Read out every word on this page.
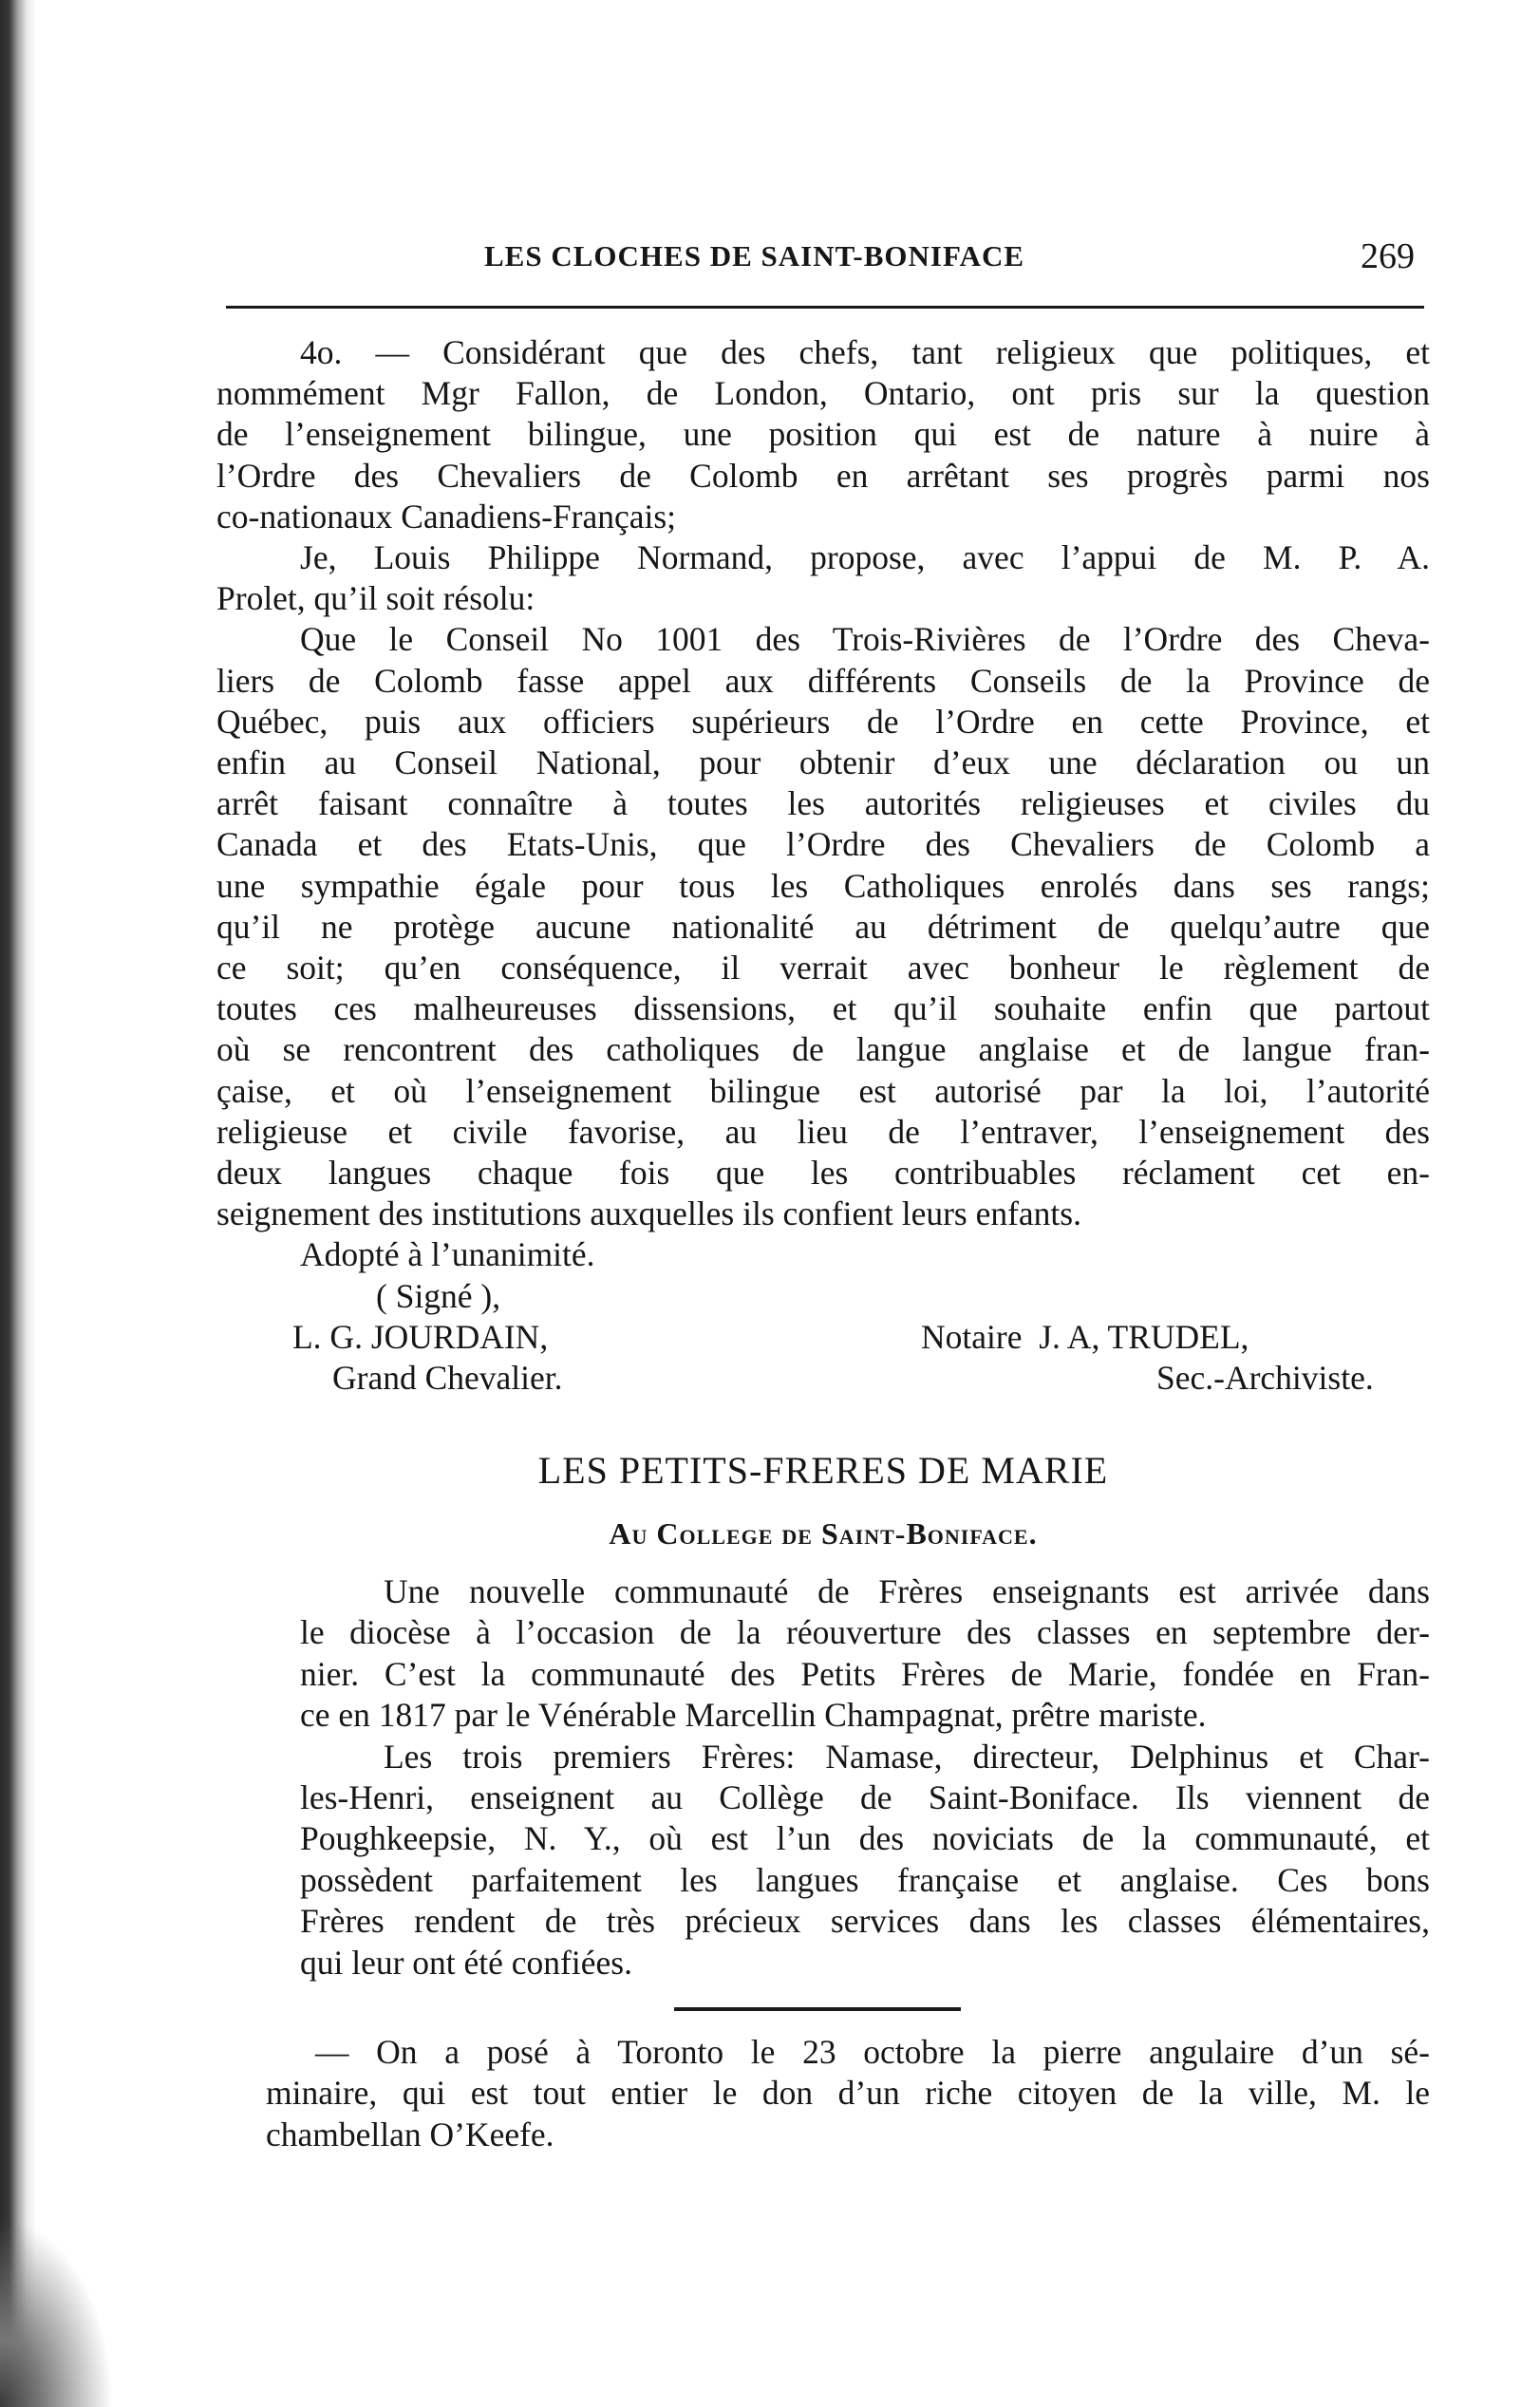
LES CLOCHES DE SAINT-BONIFACE	269

4o. — Considérant que des chefs, tant religieux que politiques, et
nommément Mgr Fallon, de London, Ontario, ont pris sur la question
de l’enseignement bilingue, une position qui est de nature à nuire à
l’Ordre des Chevaliers de Colomb en arrêtant ses progrès parmi nos
co-nationaux Canadiens-Français;

Je, Louis Philippe Normand, propose, avec l’appui de M. P. A.
Prolet, qu’il soit résolu:

Que le Conseil No 1001 des Trois-Rivières de l’Ordre des Cheva-
liers de Colomb fasse appel aux différents Conseils de la Province de
Québec, puis aux officiers supérieurs de l’Ordre en cette Province, et
enfin au Conseil National, pour obtenir d’eux une déclaration ou un
arrêt faisant connaître à toutes les autorités religieuses et civiles du
Canada et des Etats-Unis, que l’Ordre des Chevaliers de Colomb a
une sympathie égale pour tous les Catholiques enrolés dans ses rangs;
qu’il ne protège aucune nationalité au détriment de quelqu’autre que
ce soit; qu’en conséquence, il verrait avec bonheur le règlement de
toutes ces malheureuses dissensions, et qu’il souhaite enfin que partout
où se rencontrent des catholiques de langue anglaise et de langue fran-
çaise, et où l’enseignement bilingue est autorisé par la loi, l’autorité
religieuse et civile favorise, au lieu de l’entraver, l’enseignement des
deux langues chaque fois que les contribuables réclament cet en-
seignement des institutions auxquelles ils confient leurs enfants.

Adopté à l’unanimité.

( Signé ),
L. G. JOURDAIN,
Grand Chevalier.
Notaire  J. A, TRUDEL,
Sec.-Archiviste.
LES PETITS-FRERES DE MARIE
Au College de Saint-Boniface.

Une nouvelle communauté de Frères enseignants est arrivée dans
le diocèse à l’occasion de la réouverture des classes en septembre der-
nier. C’est la communauté des Petits Frères de Marie, fondée en Fran-
ce en 1817 par le Vénérable Marcellin Champagnat, prêtre mariste.

Les trois premiers Frères: Namase, directeur, Delphinus et Char-
les-Henri, enseignent au Collège de Saint-Boniface. Ils viennent de
Poughkeepsie, N. Y., où est l’un des noviciats de la communauté, et
possèdent parfaitement les langues française et anglaise. Ces bons
Frères rendent de très précieux services dans les classes élémentaires,
qui leur ont été confiées.

— On a posé à Toronto le 23 octobre la pierre angulaire d’un sé-
minaire, qui est tout entier le don d’un riche citoyen de la ville, M. le
chambellan O’Keefe.
